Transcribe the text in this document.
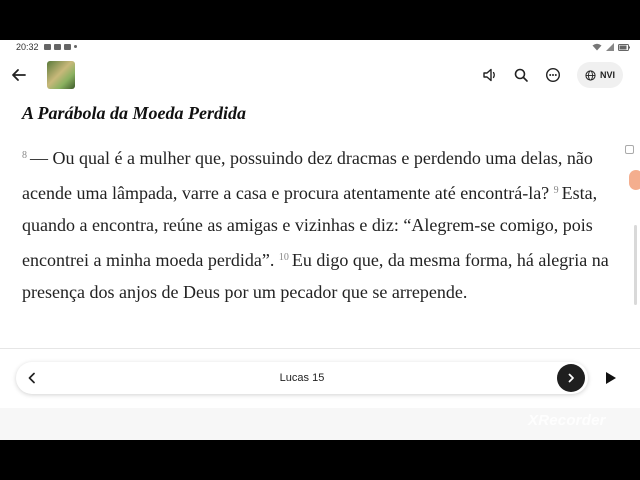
20:32
NVI
A Parábola da Moeda Perdida
$^8$ — Ou qual é a mulher que, possuindo dez dracmas e perdendo uma delas, não acende uma lâmpada, varre a casa e procura atentamente até encontrá-la? $^9$ Esta, quando a encontra, reúne as amigas e vizinhas e diz: “Alegrem-se comigo, pois encontrei a minha moeda perdida”. $^{10}$ Eu digo que, da mesma forma, há alegria na presença dos anjos de Deus por um pecador que se arrepende.
Lucas 15
XRecorder
